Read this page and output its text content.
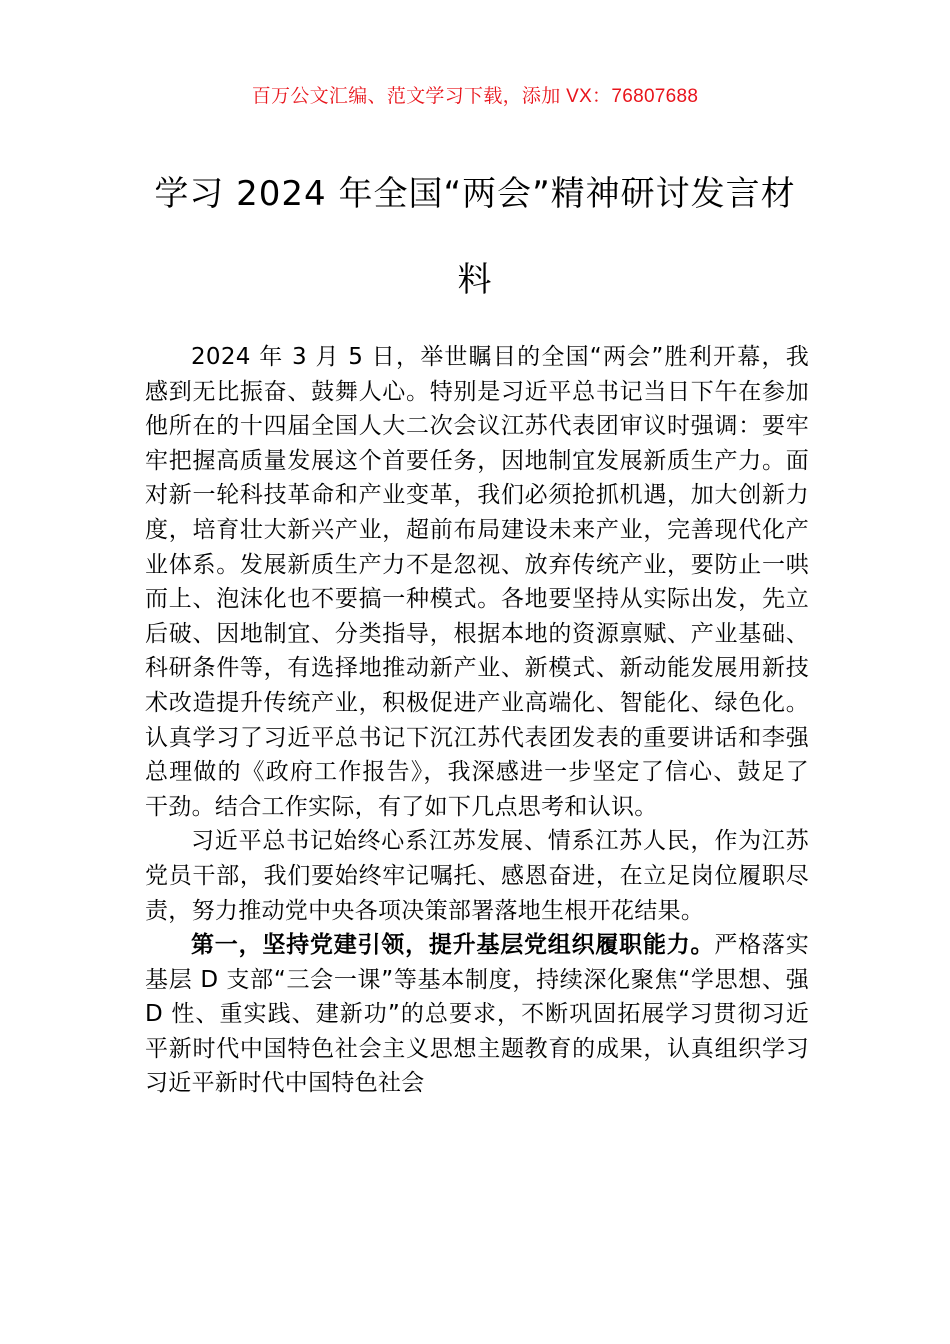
百万公文汇编、范文学习下载，添加 VX：76807688
学习 2024 年全国“两会”精神研讨发言材料

2024 年 3 月 5 日，举世瞩目的全国“两会”胜利开幕，我感到无比振奋、鼓舞人心。特别是习近平总书记当日下午在参加他所在的十四届全国人大二次会议江苏代表团审议时强调：要牢牢把握高质量发展这个首要任务，因地制宜发展新质生产力。面对新一轮科技革命和产业变革，我们必须抢抓机遇，加大创新力度，培育壮大新兴产业，超前布局建设未来产业，完善现代化产业体系。发展新质生产力不是忽视、放弃传统产业，要防止一哄而上、泡沫化也不要搞一种模式。各地要坚持从实际出发，先立后破、因地制宜、分类指导，根据本地的资源禀赋、产业基础、科研条件等，有选择地推动新产业、新模式、新动能发展用新技术改造提升传统产业，积极促进产业高端化、智能化、绿色化。认真学习了习近平总书记下沉江苏代表团发表的重要讲话和李强总理做的《政府工作报告》，我深感进一步坚定了信心、鼓足了干劲。结合工作实际，有了如下几点思考和认识。

习近平总书记始终心系江苏发展、情系江苏人民，作为江苏党员干部，我们要始终牢记嘱托、感恩奋进，在立足岗位履职尽责，努力推动党中央各项决策部署落地生根开花结果。

第一，坚持党建引领，提升基层党组织履职能力。严格落实基层 D 支部“三会一课”等基本制度，持续深化聚焦“学思想、强 D 性、重实践、建新功”的总要求，不断巩固拓展学习贯彻习近平新时代中国特色社会主义思想主题教育的成果，认真组织学习习近平新时代中国特色社会
